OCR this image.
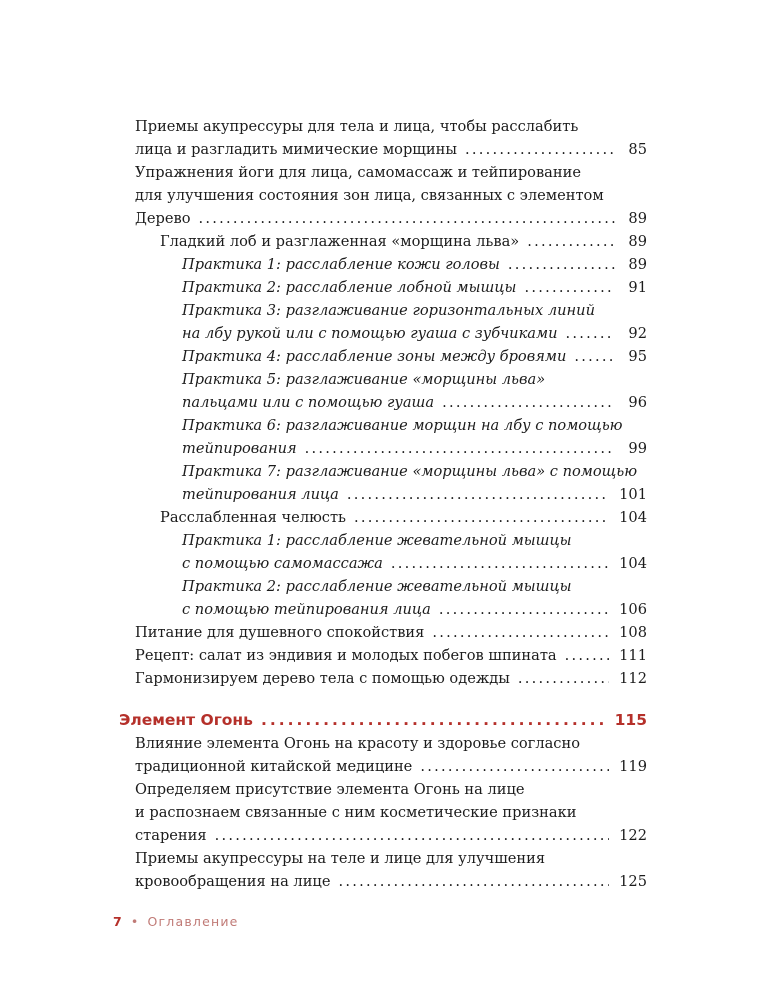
Приемы акупрессуры для тела и лица, чтобы расслабить
лица и разгладить мимические морщины . . .	85
Упражнения йоги для лица, самомассаж и тейпирование
для улучшения состояния зон лица, связанных с элементом
Дерево . . .	89
Гладкий лоб и разглаженная «морщина льва» . . .	89
Практика 1: расслабление кожи головы . . .	89
Практика 2: расслабление лобной мышцы . . .	91
Практика 3: разглаживание горизонтальных линий
на лбу рукой или с помощью гуаша с зубчиками . . .	92
Практика 4: расслабление зоны между бровями . . .	95
Практика 5: разглаживание «морщины льва»
пальцами или с помощью гуаша . . .	96
Практика 6: разглаживание морщин на лбу с помощью
тейпирования . . .	99
Практика 7: разглаживание «морщины льва» с помощью
тейпирования лица . . .	101
Расслабленная челюсть . . .	104
Практика 1: расслабление жевательной мышцы
с помощью самомассажа . . .	104
Практика 2: расслабление жевательной мышцы
с помощью тейпирования лица . . .	106
Питание для душевного спокойствия . . .	108
Рецепт: салат из эндивия и молодых побегов шпината . . .	111
Гармонизируем дерево тела с помощью одежды . . .	112
Элемент Огонь . . .	115
Влияние элемента Огонь на красоту и здоровье согласно
традиционной китайской медицине . . .	119
Определяем присутствие элемента Огонь на лице
и распознаем связанные с ним косметические признаки
старения . . .	122
Приемы акупрессуры на теле и лице для улучшения
кровообращения на лице . . .	125
7 • Оглавление
